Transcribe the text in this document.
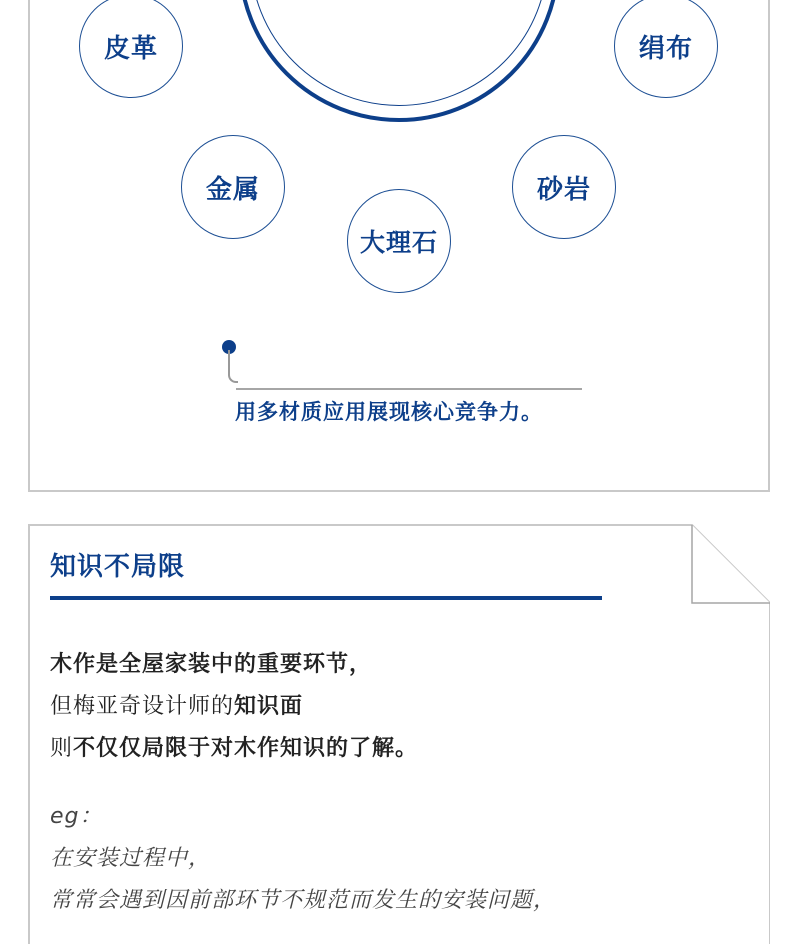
皮革	绢布
金属	砂岩
大理石
用多材质应用展现核心竞争力。
知识不局限
木作是全屋家装中的重要环节，
但梅亚奇设计师的知识面
则不仅仅局限于对木作知识的了解。
eg：
在安装过程中，
常常会遇到因前部环节不规范而发生的安装问题，
